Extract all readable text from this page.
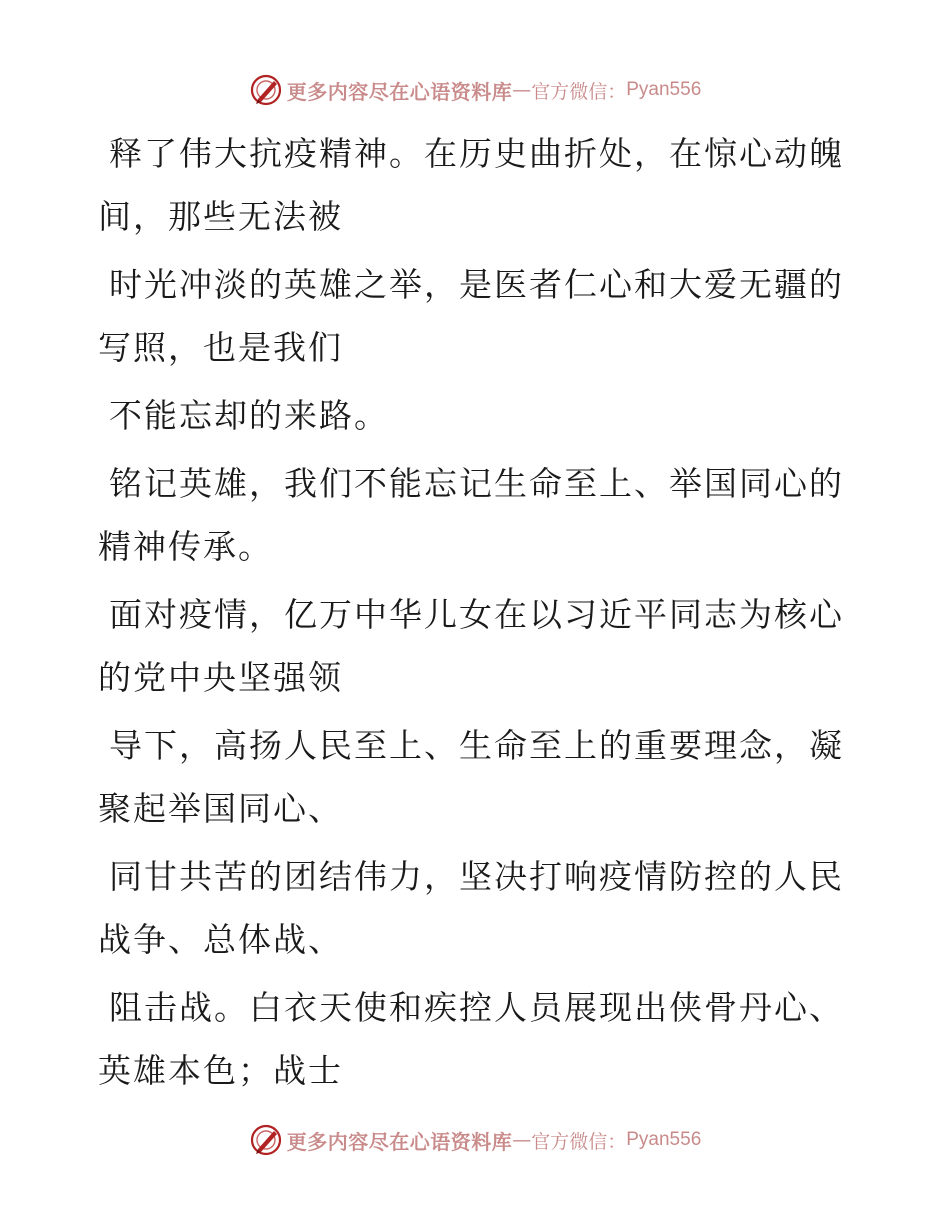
更多内容尽在心语资料库 — 官方微信： Pyan556

释了伟大抗疫精神。在历史曲折处，在惊心动魄
间，那些无法被

时光冲淡的英雄之举，是医者仁心和大爱无疆的
写照，也是我们

不能忘却的来路。

铭记英雄，我们不能忘记生命至上、举国同心的
精神传承。

面对疫情，亿万中华儿女在以习近平同志为核心
的党中央坚强领

导下，高扬人民至上、生命至上的重要理念，凝
聚起举国同心、

同甘共苦的团结伟力，坚决打响疫情防控的人民
战争、总体战、

阻击战。白衣天使和疾控人员展现出侠骨丹心、
英雄本色；战士

更多内容尽在心语资料库 — 官方微信： Pyan556
